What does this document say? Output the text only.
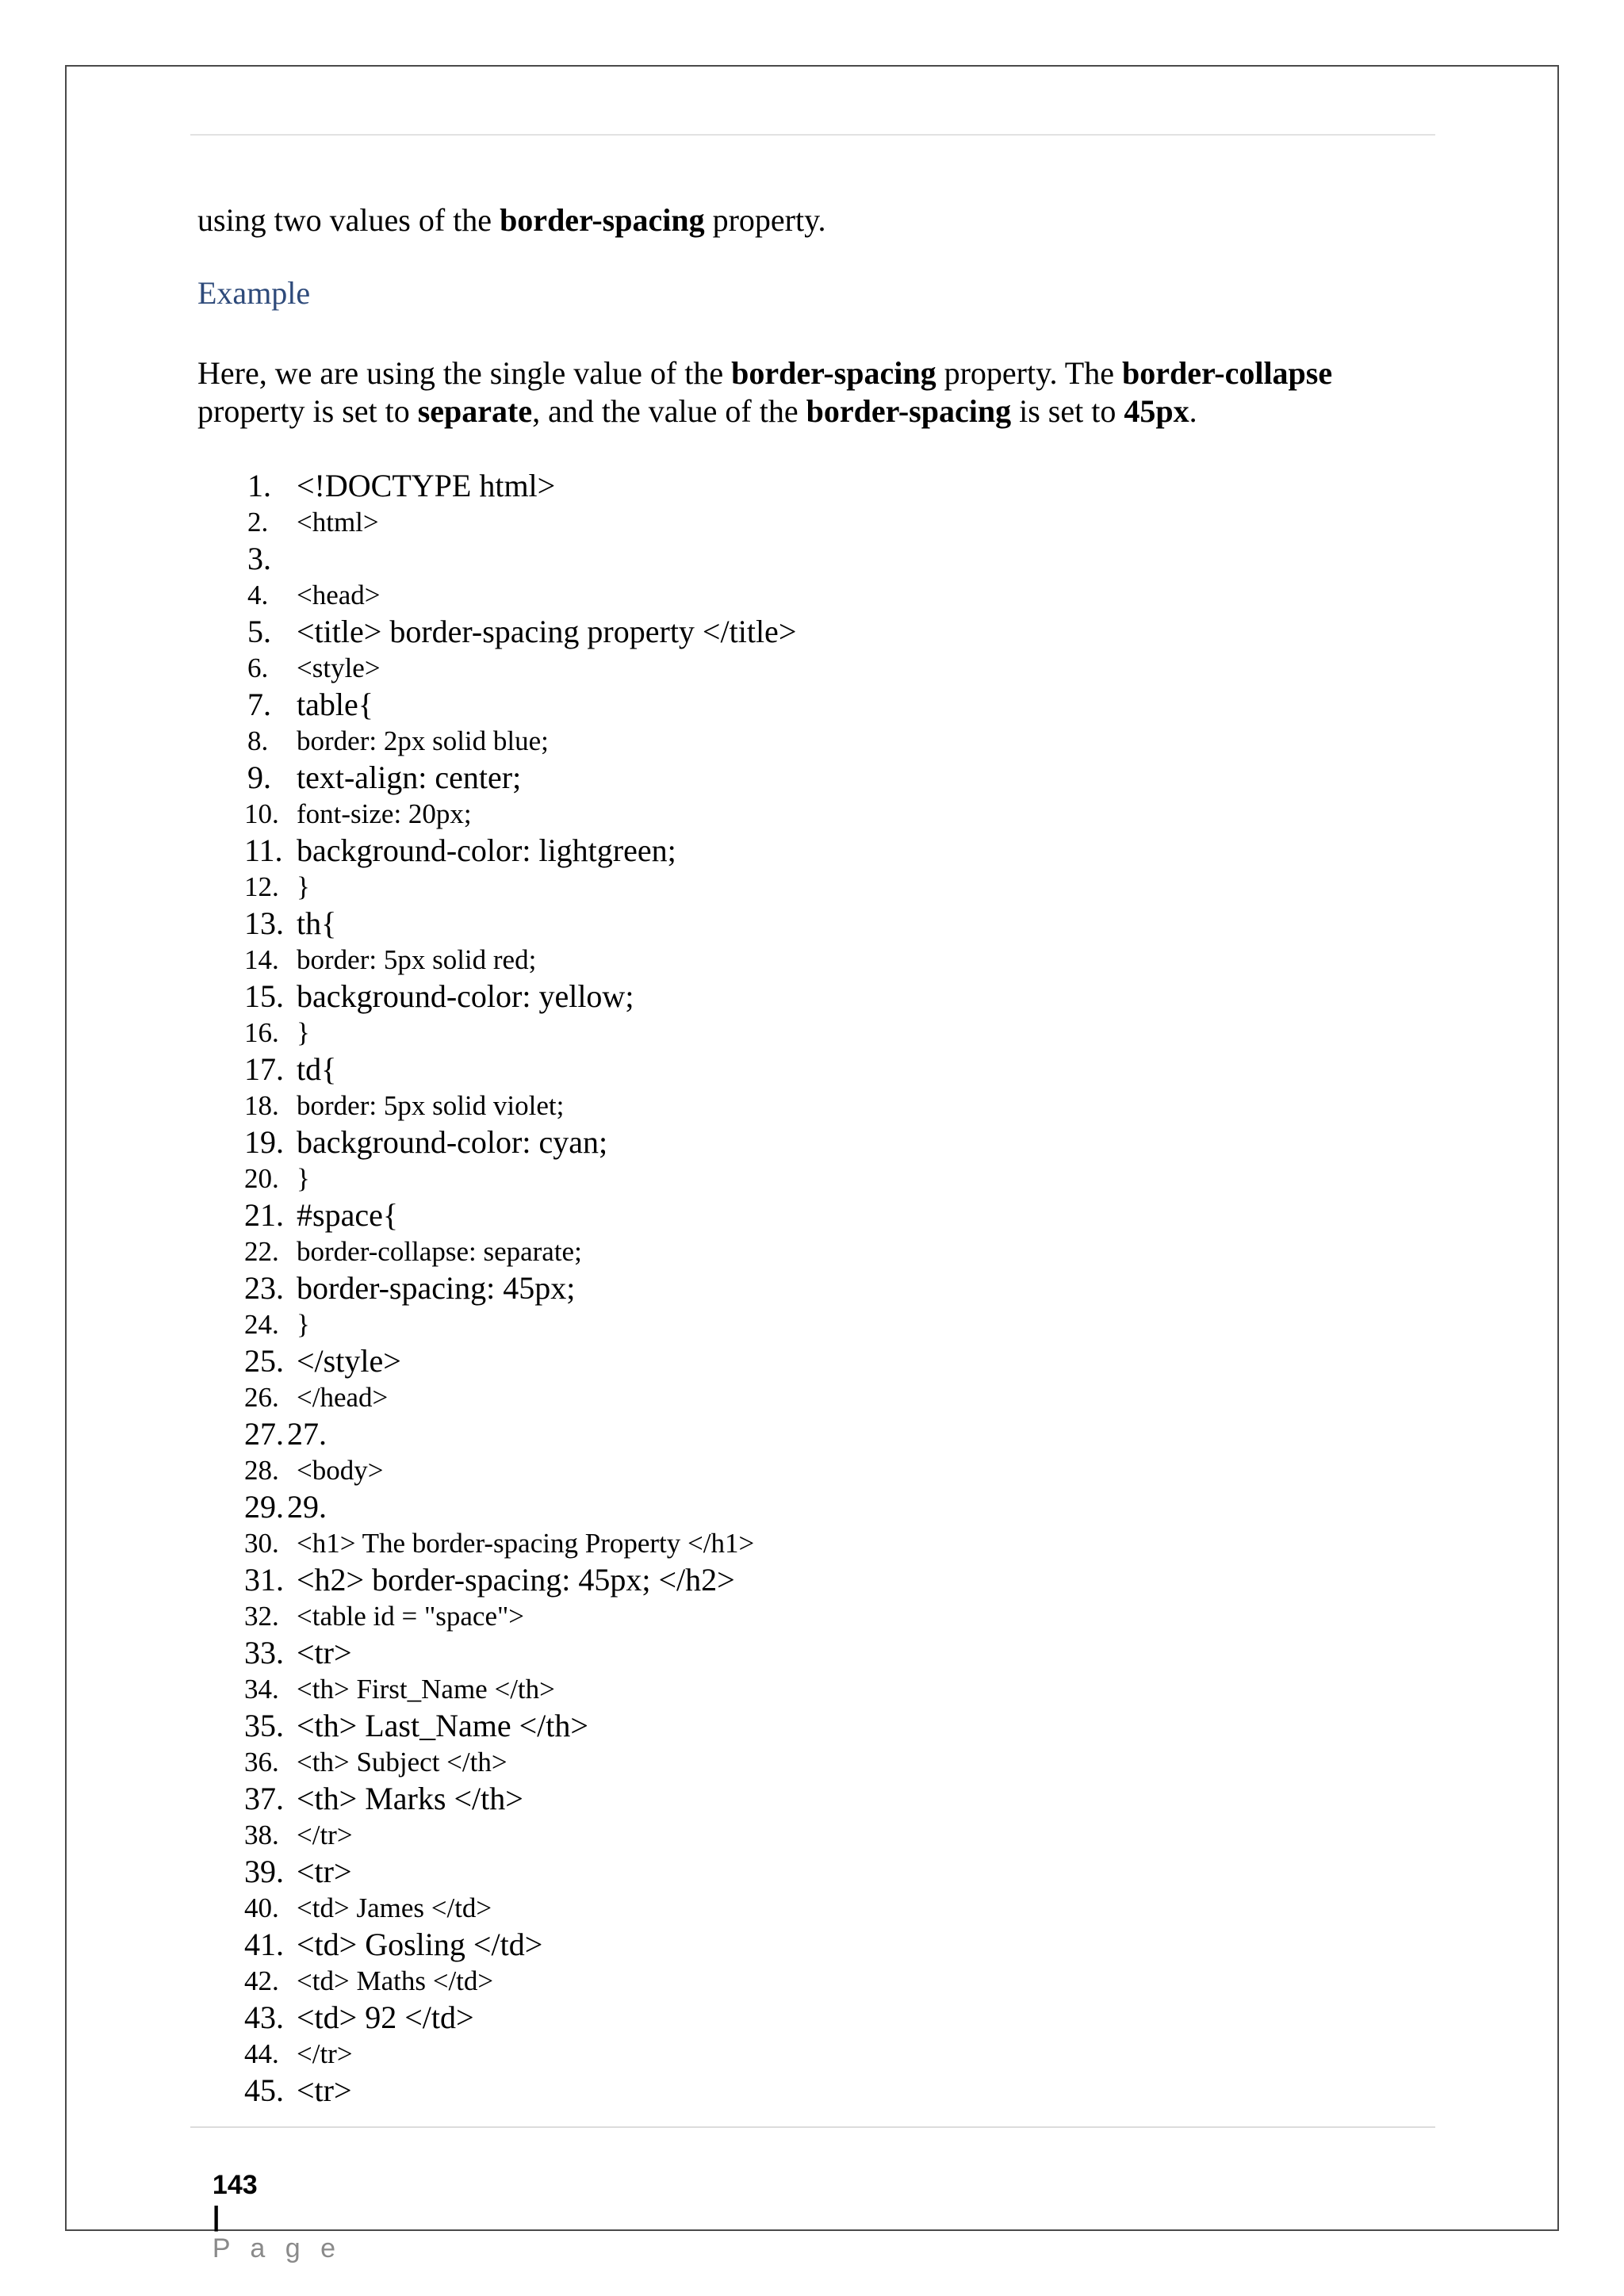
using two values of the border-spacing property.
Example
Here, we are using the single value of the border-spacing property. The border-collapse
property is set to separate, and the value of the border-spacing is set to 45px.
1. <!DOCTYPE html>
2. <html>
3.
4. <head>
5. <title> border-spacing property </title>
6. <style>
7. table{
8. border: 2px solid blue;
9. text-align: center;
10. font-size: 20px;
11. background-color: lightgreen;
12. }
13. th{
14. border: 5px solid red;
15. background-color: yellow;
16. }
17. td{
18. border: 5px solid violet;
19. background-color: cyan;
20. }
21. #space{
22. border-collapse: separate;
23. border-spacing: 45px;
24. }
25. </style>
26. </head>
27. 27.
28. <body>
29. 29.
30. <h1> The border-spacing Property </h1>
31. <h2> border-spacing: 45px; </h2>
32. <table id = "space">
33. <tr>
34. <th> First_Name </th>
35. <th> Last_Name </th>
36. <th> Subject </th>
37. <th> Marks </th>
38. </tr>
39. <tr>
40. <td> James </td>
41. <td> Gosling </td>
42. <td> Maths </td>
43. <td> 92 </td>
44. </tr>
45. <tr>

143
|
P a g e
